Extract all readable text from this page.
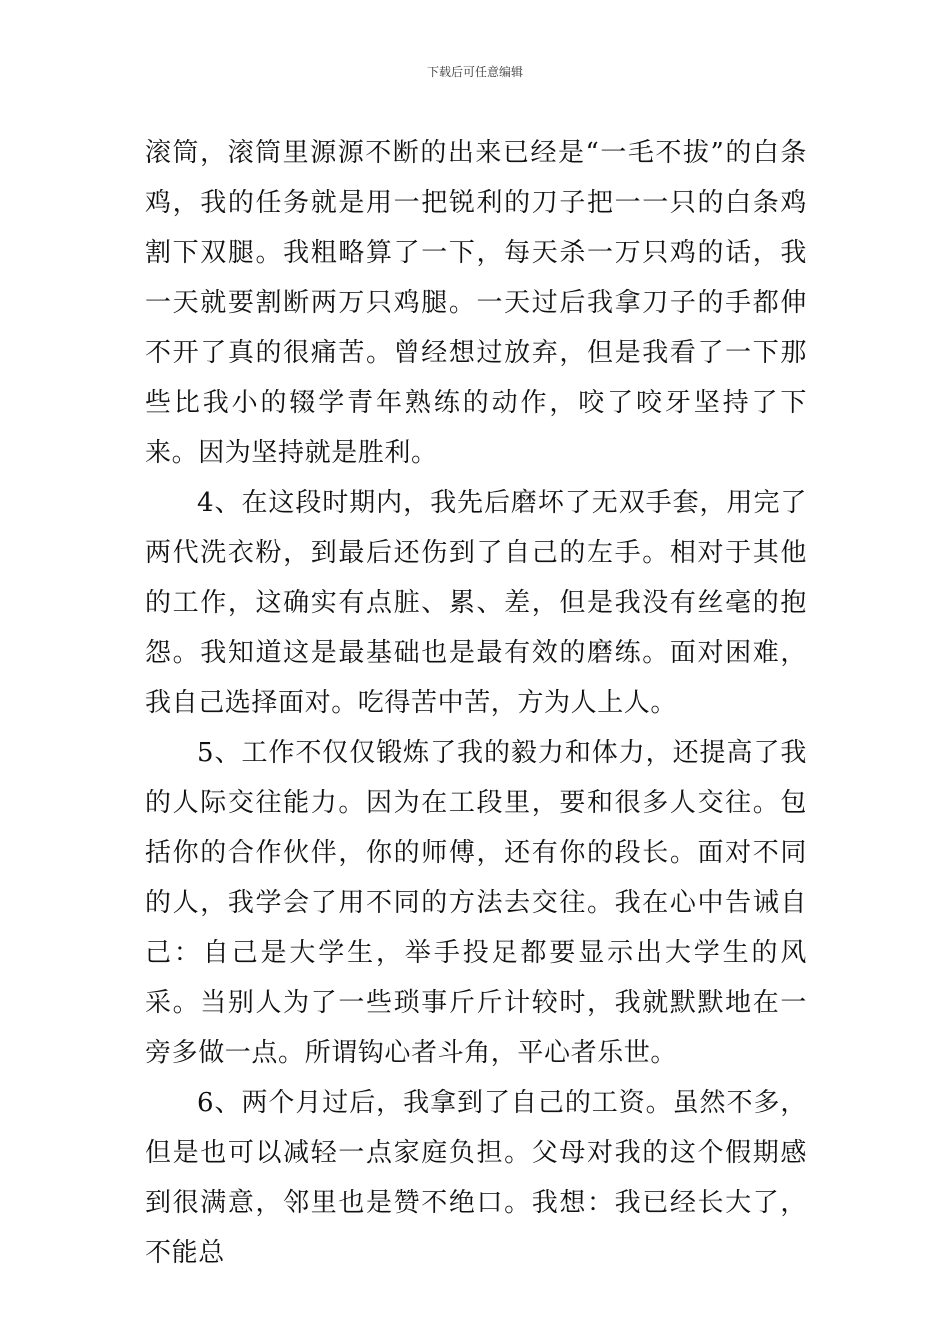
下载后可任意编辑

滚筒，滚筒里源源不断的出来已经是“一毛不拔”的白条鸡，我的任务就是用一把锐利的刀子把一一只的白条鸡割下双腿。我粗略算了一下，每天杀一万只鸡的话，我一天就要割断两万只鸡腿。一天过后我拿刀子的手都伸不开了真的很痛苦。曾经想过放弃，但是我看了一下那些比我小的辍学青年熟练的动作，咬了咬牙坚持了下来。因为坚持就是胜利。

4、在这段时期内，我先后磨坏了无双手套，用完了两代洗衣粉，到最后还伤到了自己的左手。相对于其他的工作，这确实有点脏、累、差，但是我没有丝毫的抱怨。我知道这是最基础也是最有效的磨练。面对困难，我自己选择面对。吃得苦中苦，方为人上人。

5、工作不仅仅锻炼了我的毅力和体力，还提高了我的人际交往能力。因为在工段里，要和很多人交往。包括你的合作伙伴，你的师傅，还有你的段长。面对不同的人，我学会了用不同的方法去交往。我在心中告诫自己：自己是大学生，举手投足都要显示出大学生的风采。当别人为了一些琐事斤斤计较时，我就默默地在一旁多做一点。所谓钩心者斗角，平心者乐世。

6、两个月过后，我拿到了自己的工资。虽然不多，但是也可以减轻一点家庭负担。父母对我的这个假期感到很满意，邻里也是赞不绝口。我想：我已经长大了，不能总
